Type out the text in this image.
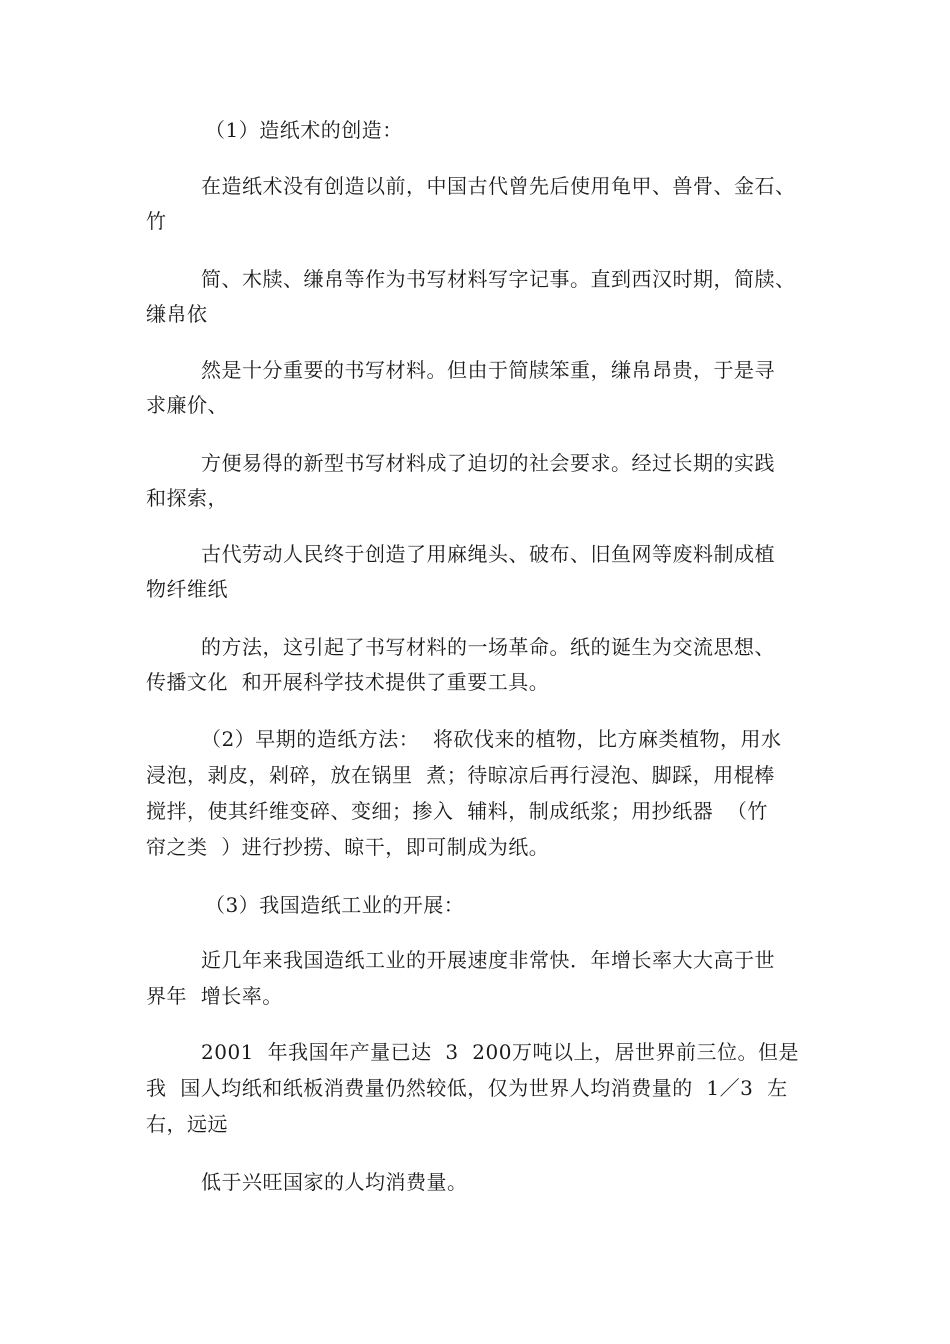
（1）造纸术的创造：
在造纸术没有创造以前，中国古代曾先后使用龟甲、兽骨、金石、
竹
简、木牍、缣帛等作为书写材料写字记事。直到西汉时期，简牍、
缣帛依
然是十分重要的书写材料。但由于简牍笨重，缣帛昂贵，于是寻
求廉价、
方便易得的新型书写材料成了迫切的社会要求。经过长期的实践
和探索，
古代劳动人民终于创造了用麻绳头、破布、旧鱼网等废料制成植
物纤维纸
的方法，这引起了书写材料的一场革命。纸的诞生为交流思想、
传播文化  和开展科学技术提供了重要工具。
（2）早期的造纸方法：  将砍伐来的植物，比方麻类植物，用水
浸泡，剥皮，剁碎，放在锅里  煮；待晾凉后再行浸泡、脚踩，用棍棒
搅拌，使其纤维变碎、变细；掺入  辅料，制成纸浆；用抄纸器  （竹
帘之类  ）进行抄捞、晾干，即可制成为纸。
（3）我国造纸工业的开展：
近几年来我国造纸工业的开展速度非常快．年增长率大大高于世
界年  增长率。
2001  年我国年产量已达  3  200万吨以上，居世界前三位。但是
我  国人均纸和纸板消费量仍然较低，仅为世界人均消费量的  1／3  左
右，远远
低于兴旺国家的人均消费量。
